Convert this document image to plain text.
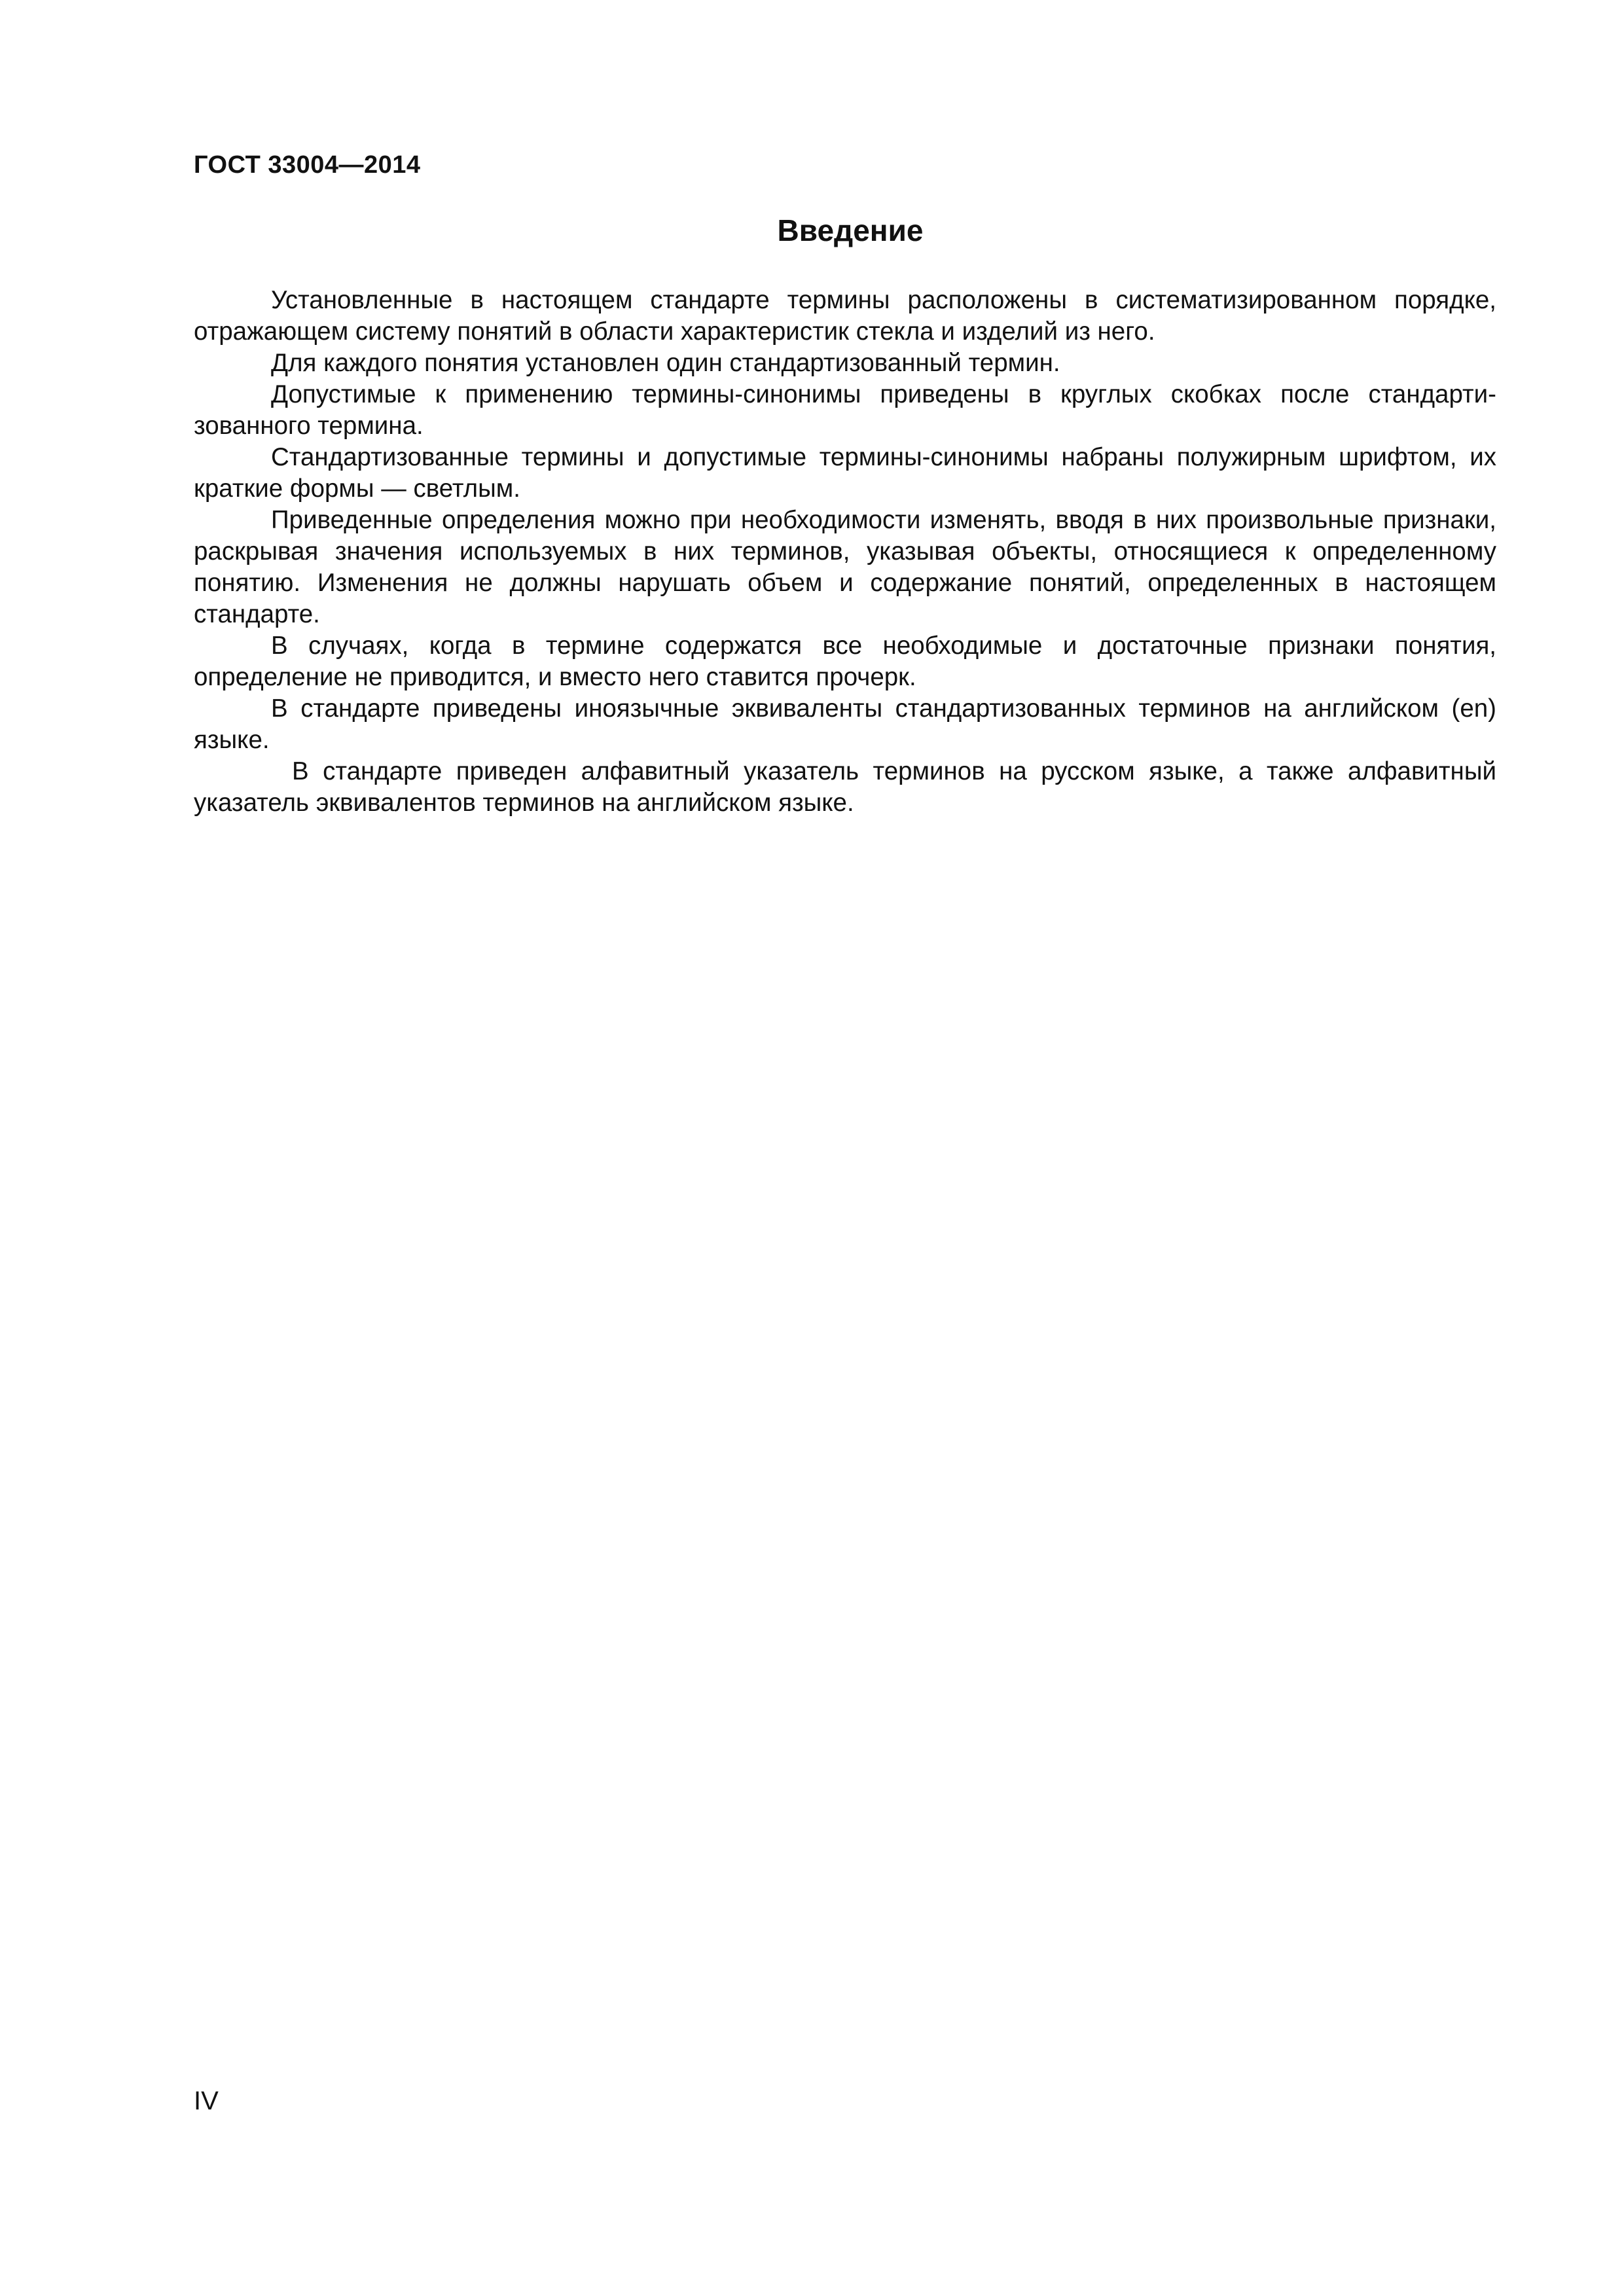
ГОСТ 33004—2014
Введение

Установленные в настоящем стандарте термины расположены в систематизированном порядке, отражающем систему понятий в области характеристик стекла и изделий из него.

Для каждого понятия установлен один стандартизованный термин.

Допустимые к применению термины-синонимы приведены в круглых скобках после стандартизованного термина.

Стандартизованные термины и допустимые термины-синонимы набраны полужирным шрифтом, их краткие формы — светлым.

Приведенные определения можно при необходимости изменять, вводя в них произвольные признаки, раскрывая значения используемых в них терминов, указывая объекты, относящиеся к определенному понятию. Изменения не должны нарушать объем и содержание понятий, определенных в настоящем стандарте.

В случаях, когда в термине содержатся все необходимые и достаточные признаки понятия, определение не приводится, и вместо него ставится прочерк.

В стандарте приведены иноязычные эквиваленты стандартизованных терминов на английском (en) языке.

В стандарте приведен алфавитный указатель терминов на русском языке, а также алфавитный указатель эквивалентов терминов на английском языке.

IV
